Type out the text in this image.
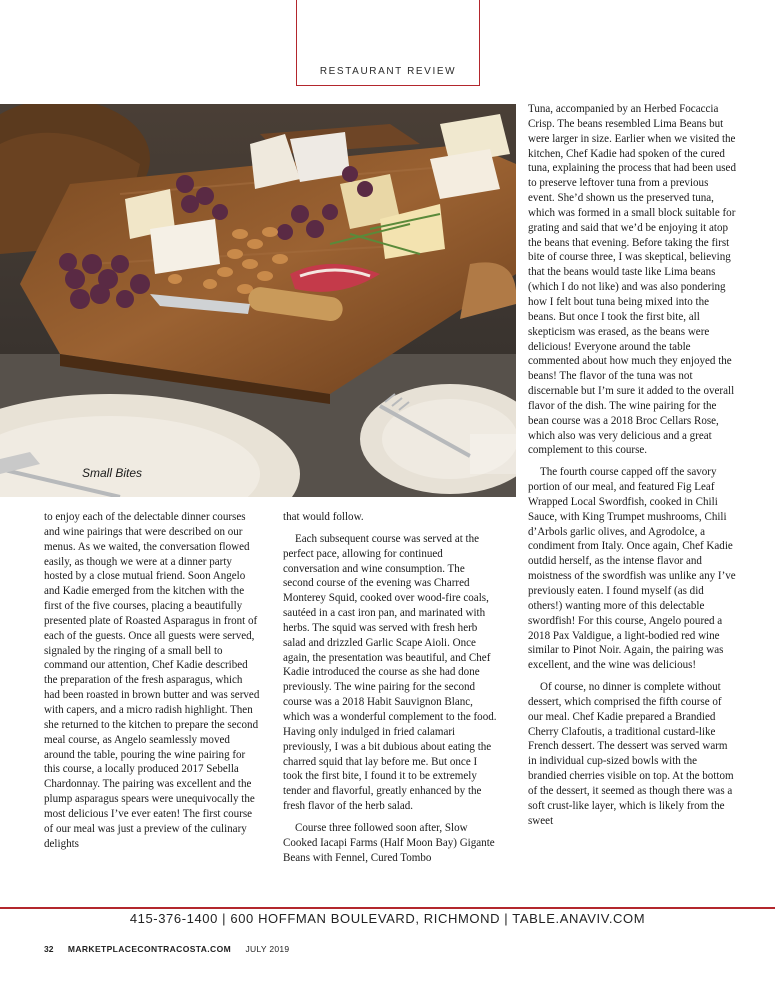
RESTAURANT REVIEW
Small Bites

to enjoy each of the delectable dinner courses and wine pairings that were described on our menus. As we waited, the conversation flowed easily, as though we were at a dinner party hosted by a close mutual friend. Soon Angelo and Kadie emerged from the kitchen with the first of the five courses, placing a beautifully presented plate of Roasted Asparagus in front of each of the guests. Once all guests were served, signaled by the ringing of a small bell to command our attention, Chef Kadie described the preparation of the fresh asparagus, which had been roasted in brown butter and was served with capers, and a micro radish highlight. Then she returned to the kitchen to prepare the second meal course, as Angelo seamlessly moved around the table, pouring the wine pairing for this course, a locally produced 2017 Sebella Chardonnay. The pairing was excellent and the plump asparagus spears were unequivocally the most delicious I’ve ever eaten! The first course of our meal was just a preview of the culinary delights

that would follow.

Each subsequent course was served at the perfect pace, allowing for continued conversation and wine consumption. The second course of the evening was Charred Monterey Squid, cooked over wood-fire coals, sautéed in a cast iron pan, and marinated with herbs. The squid was served with fresh herb salad and drizzled Garlic Scape Aioli. Once again, the presentation was beautiful, and Chef Kadie introduced the course as she had done previously. The wine pairing for the second course was a 2018 Habit Sauvignon Blanc, which was a wonderful complement to the food. Having only indulged in fried calamari previously, I was a bit dubious about eating the charred squid that lay before me. But once I took the first bite, I found it to be extremely tender and flavorful, greatly enhanced by the fresh flavor of the herb salad.

Course three followed soon after, Slow Cooked Iacapi Farms (Half Moon Bay) Gigante Beans with Fennel, Cured Tombo

Tuna, accompanied by an Herbed Focaccia Crisp. The beans resembled Lima Beans but were larger in size. Earlier when we visited the kitchen, Chef Kadie had spoken of the cured tuna, explaining the process that had been used to preserve leftover tuna from a previous event. She’d shown us the preserved tuna, which was formed in a small block suitable for grating and said that we’d be enjoying it atop the beans that evening. Before taking the first bite of course three, I was skeptical, believing that the beans would taste like Lima beans (which I do not like) and was also pondering how I felt bout tuna being mixed into the beans. But once I took the first bite, all skepticism was erased, as the beans were delicious! Everyone around the table commented about how much they enjoyed the beans! The flavor of the tuna was not discernable but I’m sure it added to the overall flavor of the dish. The wine pairing for the bean course was a 2018 Broc Cellars Rose, which also was very delicious and a great complement to this course.

The fourth course capped off the savory portion of our meal, and featured Fig Leaf Wrapped Local Swordfish, cooked in Chili Sauce, with King Trumpet mushrooms, Chili d’Arbols garlic olives, and Agrodolce, a condiment from Italy. Once again, Chef Kadie outdid herself, as the intense flavor and moistness of the swordfish was unlike any I’ve previously eaten. I found myself (as did others!) wanting more of this delectable swordfish! For this course, Angelo poured a 2018 Pax Valdigue, a light-bodied red wine similar to Pinot Noir. Again, the pairing was excellent, and the wine was delicious!

Of course, no dinner is complete without dessert, which comprised the fifth course of our meal. Chef Kadie prepared a Brandied Cherry Clafoutis, a traditional custard-like French dessert. The dessert was served warm in individual cup-sized bowls with the brandied cherries visible on top. At the bottom of the dessert, it seemed as though there was a soft crust-like layer, which is likely from the sweet

415-376-1400 | 600 HOFFMAN BOULEVARD, RICHMOND | TABLE.ANAVIV.COM
32 MARKETPLACECONTRACOSTA.COM JULY 2019
